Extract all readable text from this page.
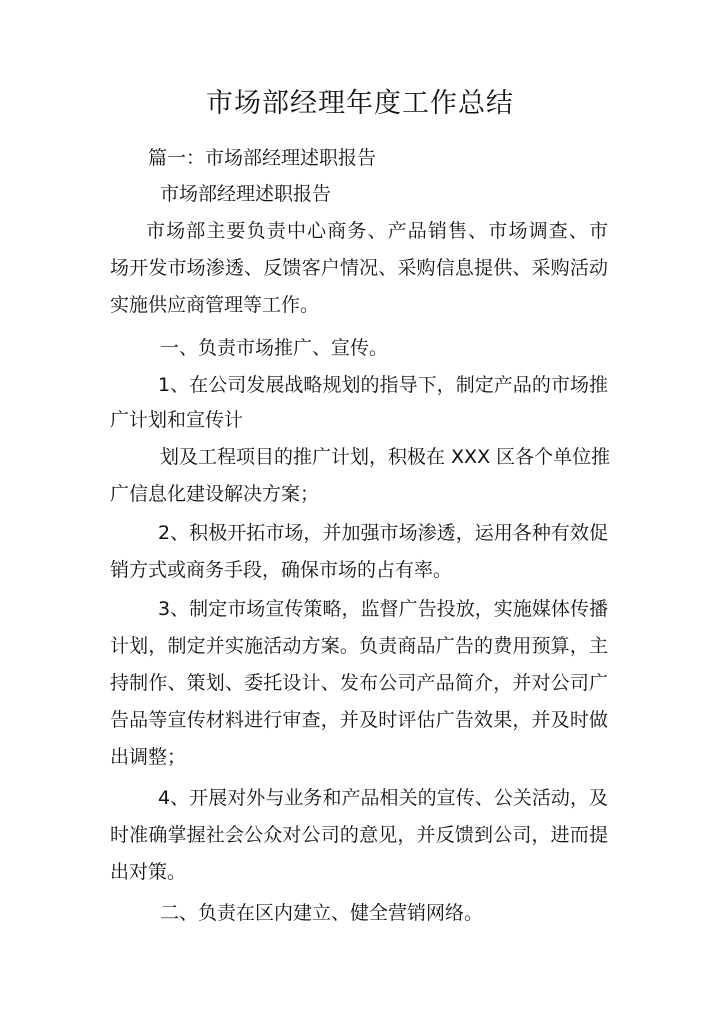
市场部经理年度工作总结
篇一：市场部经理述职报告
市场部经理述职报告
市场部主要负责中心商务、产品销售、市场调查、市
场开发市场渗透、反馈客户情况、采购信息提供、采购活动
实施供应商管理等工作。
一、负责市场推广、宣传。
1、在公司发展战略规划的指导下，制定产品的市场推
广计划和宣传计
划及工程项目的推广计划，积极在 XXX 区各个单位推
广信息化建设解决方案；
2、积极开拓市场，并加强市场渗透，运用各种有效促
销方式或商务手段，确保市场的占有率。
3、制定市场宣传策略，监督广告投放，实施媒体传播
计划，制定并实施活动方案。负责商品广告的费用预算，主
持制作、策划、委托设计、发布公司产品简介，并对公司广
告品等宣传材料进行审查，并及时评估广告效果，并及时做
出调整；
4、开展对外与业务和产品相关的宣传、公关活动，及
时准确掌握社会公众对公司的意见，并反馈到公司，进而提
出对策。
二、负责在区内建立、健全营销网络。
